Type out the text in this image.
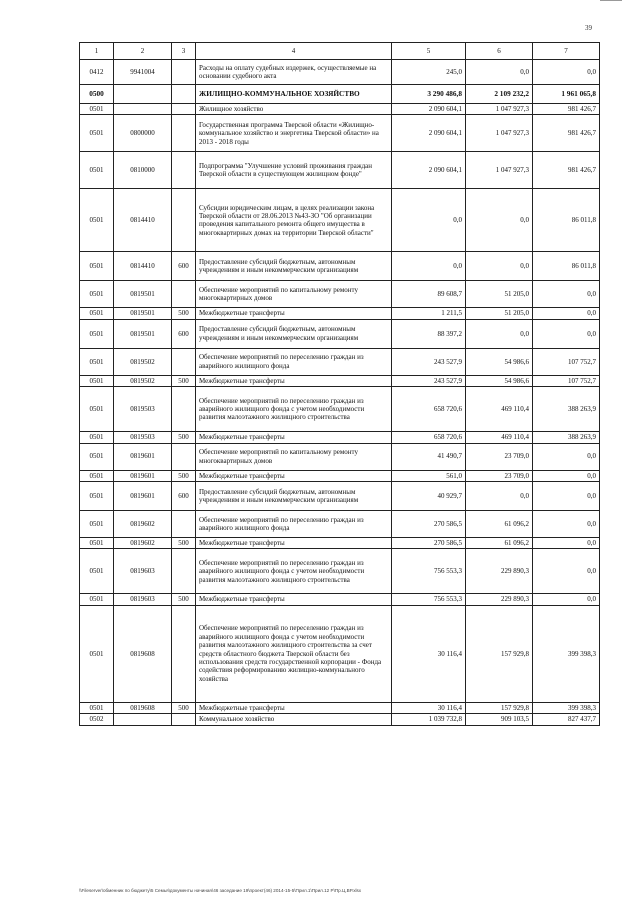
39
1	2	3	4	5	6	7
0412	9941004		Расходы на оплату судебных издержек, осуществляемые на основании судебного акта	245,0	0,0	0,0
0500			ЖИЛИЩНО-КОММУНАЛЬНОЕ ХОЗЯЙСТВО	3 290 486,8	2 109 232,2	1 961 065,8
0501			Жилищное хозяйство	2 090 604,1	1 047 927,3	981 426,7
0501	0800000		Государственная программа Тверской области «Жилищно-коммунальное хозяйство и энергетика Тверской области» на 2013 - 2018 годы	2 090 604,1	1 047 927,3	981 426,7
0501	0810000		Подпрограмма "Улучшение условий проживания граждан Тверской области в существующем жилищном фонде"	2 090 604,1	1 047 927,3	981 426,7
0501	0814410		Субсидии юридическим лицам, в целях реализации закона Тверской области от 28.06.2013 №43-ЗО "Об организации проведения капитального ремонта общего имущества в многоквартирных домах на территории Тверской области"	0,0	0,0	86 011,8
0501	0814410	600	Предоставление субсидий бюджетным, автономным учреждениям и иным некоммерческим организациям	0,0	0,0	86 011,8
0501	0819501		Обеспечение мероприятий по капитальному ремонту многоквартирных домов	89 608,7	51 205,0	0,0
0501	0819501	500	Межбюджетные трансферты	1 211,5	51 205,0	0,0
0501	0819501	600	Предоставление субсидий бюджетным, автономным учреждениям и иным некоммерческим организациям	88 397,2	0,0	0,0
0501	0819502		Обеспечение мероприятий по переселению граждан из аварийного жилищного фонда	243 527,9	54 986,6	107 752,7
0501	0819502	500	Межбюджетные трансферты	243 527,9	54 986,6	107 752,7
0501	0819503		Обеспечение мероприятий по переселению граждан из аварийного жилищного фонда с учетом необходимости развития малоэтажного жилищного строительства	658 720,6	469 110,4	388 263,9
0501	0819503	500	Межбюджетные трансферты	658 720,6	469 110,4	388 263,9
0501	0819601		Обеспечение мероприятий по капитальному ремонту многоквартирных домов	41 490,7	23 709,0	0,0
0501	0819601	500	Межбюджетные трансферты	561,0	23 709,0	0,0
0501	0819601	600	Предоставление субсидий бюджетным, автономным учреждениям и иным некоммерческим организациям	40 929,7	0,0	0,0
0501	0819602		Обеспечение мероприятий по переселению граждан из аварийного жилищного фонда	270 586,5	61 096,2	0,0
0501	0819602	500	Межбюджетные трансферты	270 586,5	61 096,2	0,0
0501	0819603		Обеспечение мероприятий по переселению граждан из аварийного жилищного фонда с учетом необходимости развития малоэтажного жилищного строительства	756 553,3	229 890,3	0,0
0501	0819603	500	Межбюджетные трансферты	756 553,3	229 890,3	0,0
0501	0819608		Обеспечение мероприятий по переселению граждан из аварийного жилищного фонда с учетом необходимости развития малоэтажного жилищного строительства за счет средств областного бюджета Тверской области без использования средств государственной корпорации - Фонда содействия реформированию жилищно-коммунального хозяйства	30 116,4	157 929,8	399 398,3
0501	0819608	500	Межбюджетные трансферты	30 116,4	157 929,8	399 398,3
0502			Коммунальное хозяйство	1 039 732,8	909 103,5	827 437,7
\\Fileserver\обменник по бюджету\5 Семья\документы начиная\46 заседание 19\проект(46) 2014-15-5\Прил.1\Прил.12 Р\Пр.Ц.ВР.xlsx
